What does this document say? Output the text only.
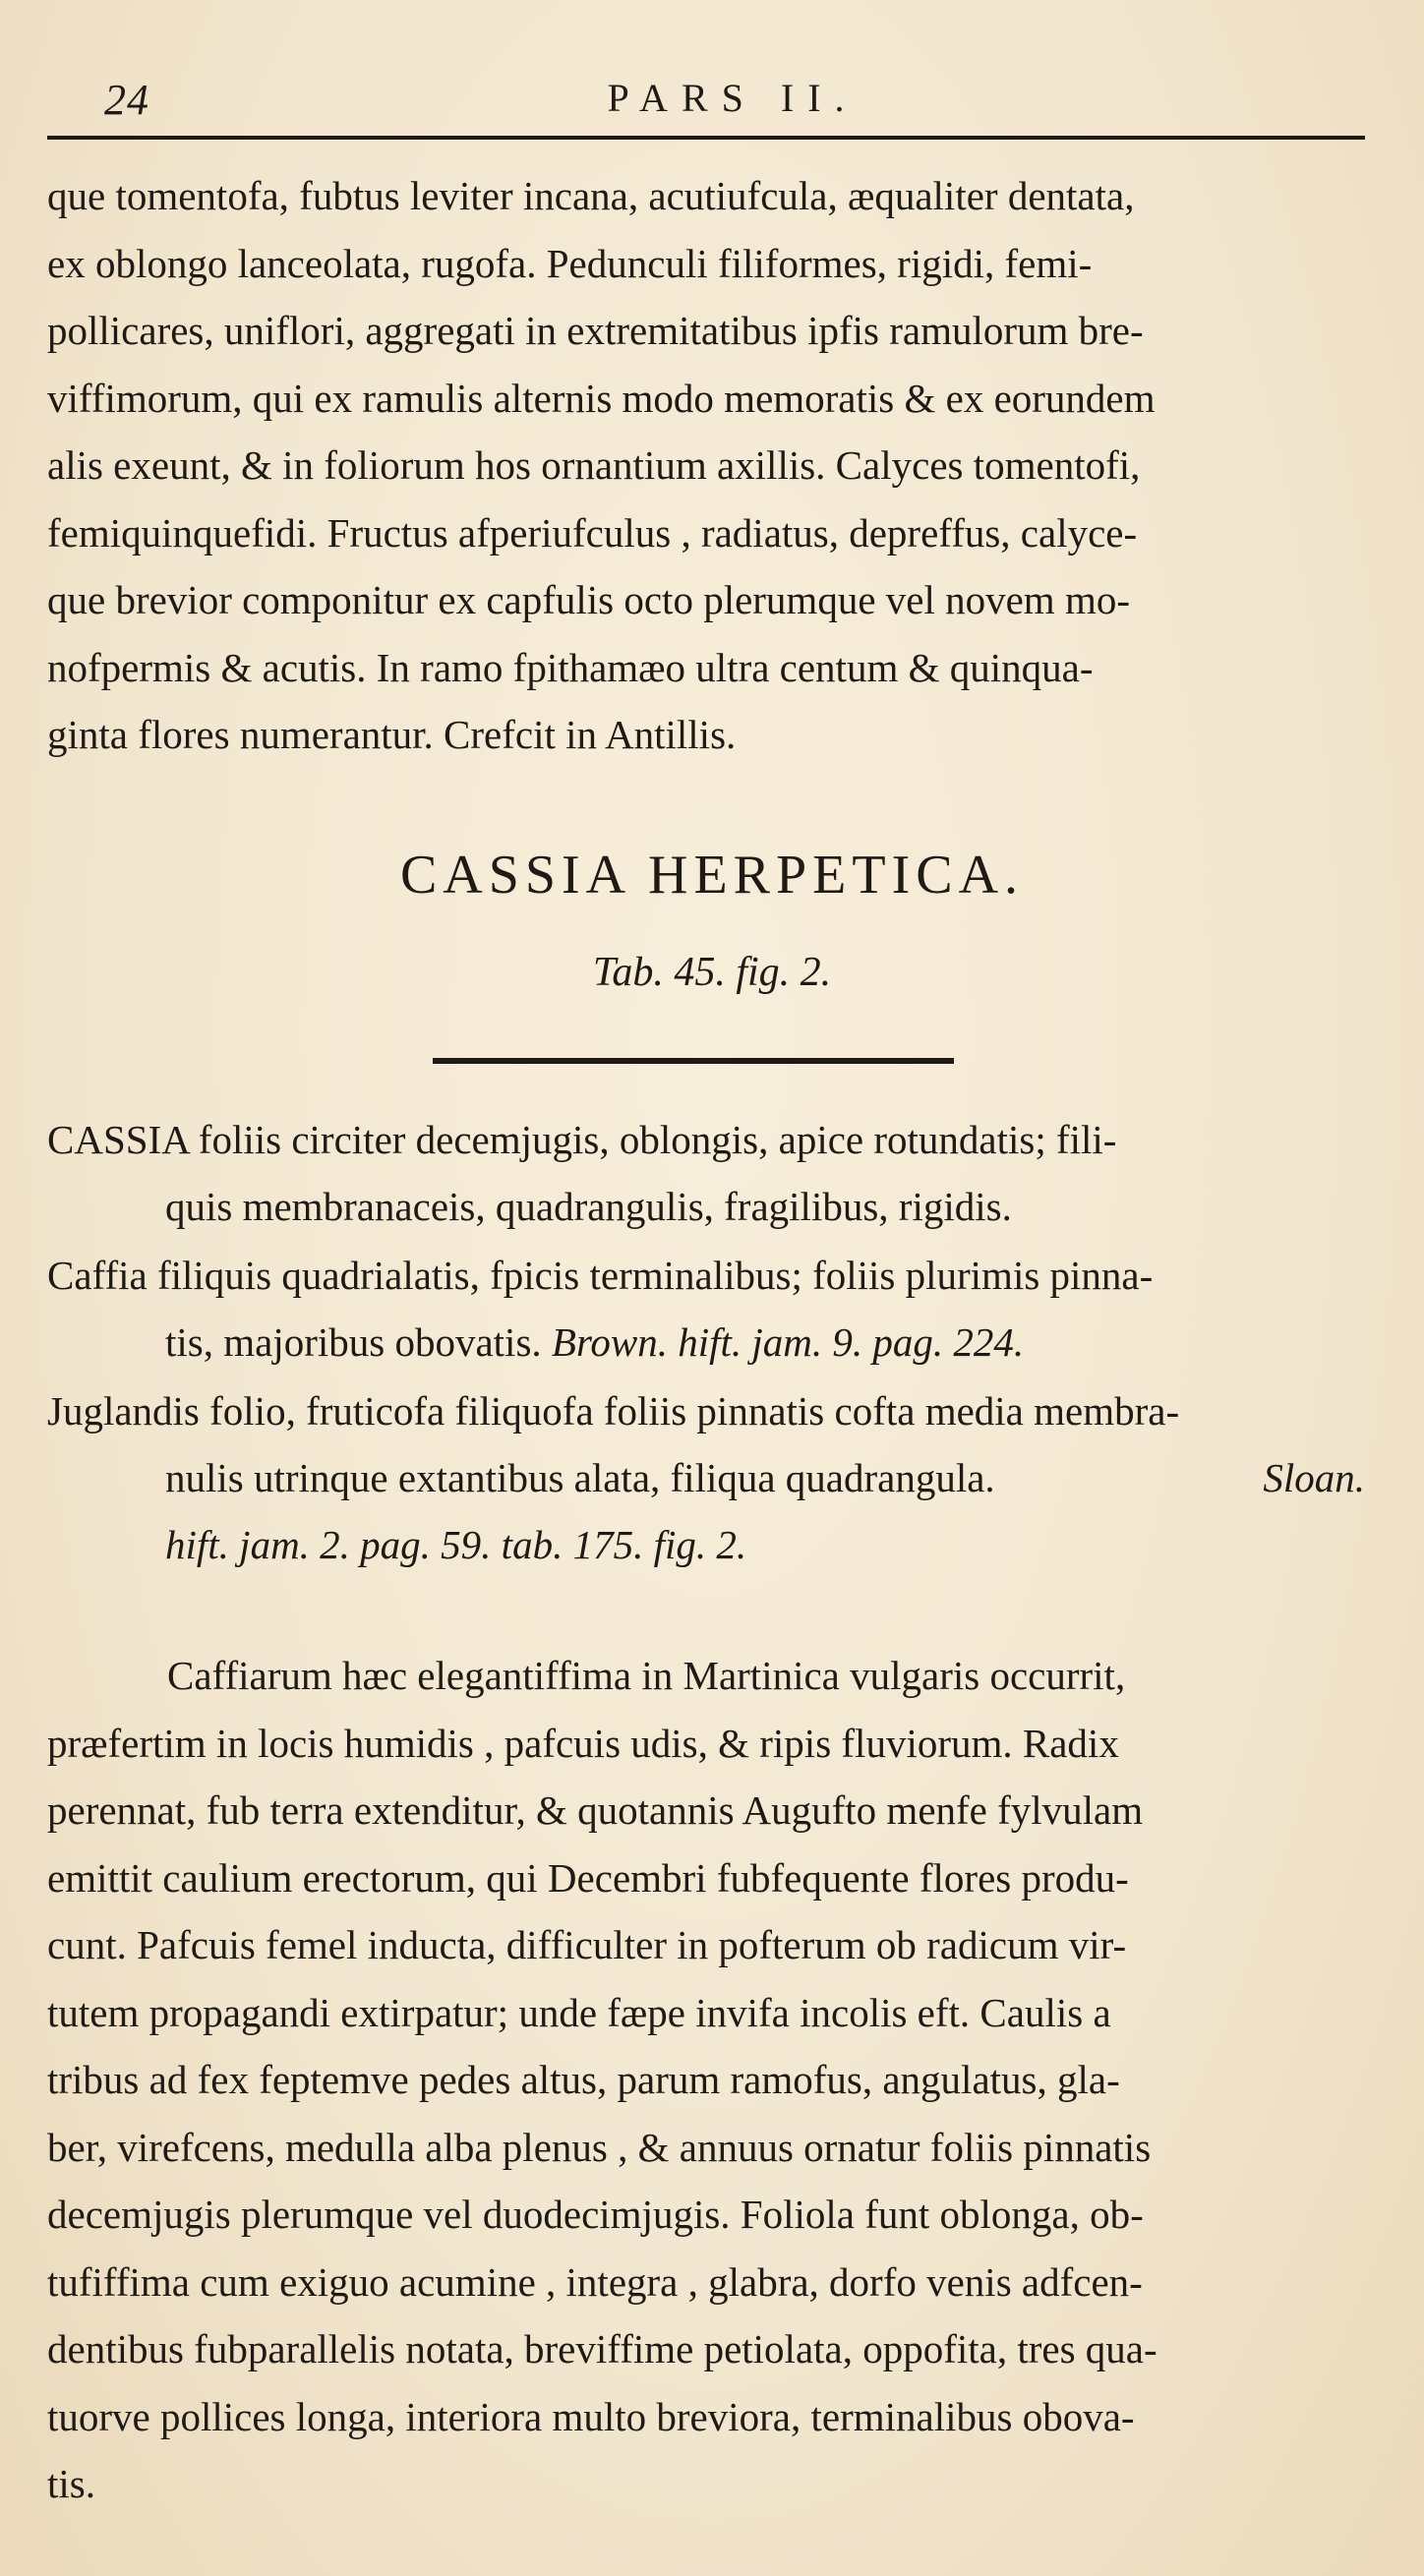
24	PARS II.

que tomentofa, fubtus leviter incana, acutiufcula, æqualiter dentata,
ex oblongo lanceolata, rugofa. Pedunculi filiformes, rigidi, femi-
pollicares, uniflori, aggregati in extremitatibus ipfis ramulorum bre-
viffimorum, qui ex ramulis alternis modo memoratis & ex eorundem
alis exeunt, & in foliorum hos ornantium axillis. Calyces tomentofi,
femiquinquefidi. Fructus afperiufculus , radiatus, depreffus, calyce-
que brevior componitur ex capfulis octo plerumque vel novem mo-
nofpermis & acutis. In ramo fpithamæo ultra centum & quinqua-
ginta flores numerantur. Crefcit in Antillis.

CASSIA HERPETICA.
Tab. 45. fig. 2.
CASSIA foliis circiter decemjugis, oblongis, apice rotundatis; fili-
quis membranaceis, quadrangulis, fragilibus, rigidis.
Caffia filiquis quadrialatis, fpicis terminalibus; foliis plurimis pinna-
tis, majoribus obovatis. Brown. hift. jam. 9. pag. 224.
Juglandis folio, fruticofa filiquofa foliis pinnatis cofta media membra-
nulis utrinque extantibus alata, filiqua quadrangula.	Sloan.
hift. jam. 2. pag. 59. tab. 175. fig. 2.

Caffiarum hæc elegantiffima in Martinica vulgaris occurrit,
præfertim in locis humidis , pafcuis udis, & ripis fluviorum. Radix
perennat, fub terra extenditur, & quotannis Augufto menfe fylvulam
emittit caulium erectorum, qui Decembri fubfequente flores produ-
cunt. Pafcuis femel inducta, difficulter in pofterum ob radicum vir-
tutem propagandi extirpatur; unde fæpe invifa incolis eft. Caulis a
tribus ad fex feptemve pedes altus, parum ramofus, angulatus, gla-
ber, virefcens, medulla alba plenus , & annuus ornatur foliis pinnatis
decemjugis plerumque vel duodecimjugis. Foliola funt oblonga, ob-
tufiffima cum exiguo acumine , integra , glabra, dorfo venis adfcen-
dentibus fubparallelis notata, breviffime petiolata, oppofita, tres qua-
tuorve pollices longa, interiora multo breviora, terminalibus obova-
tis.
